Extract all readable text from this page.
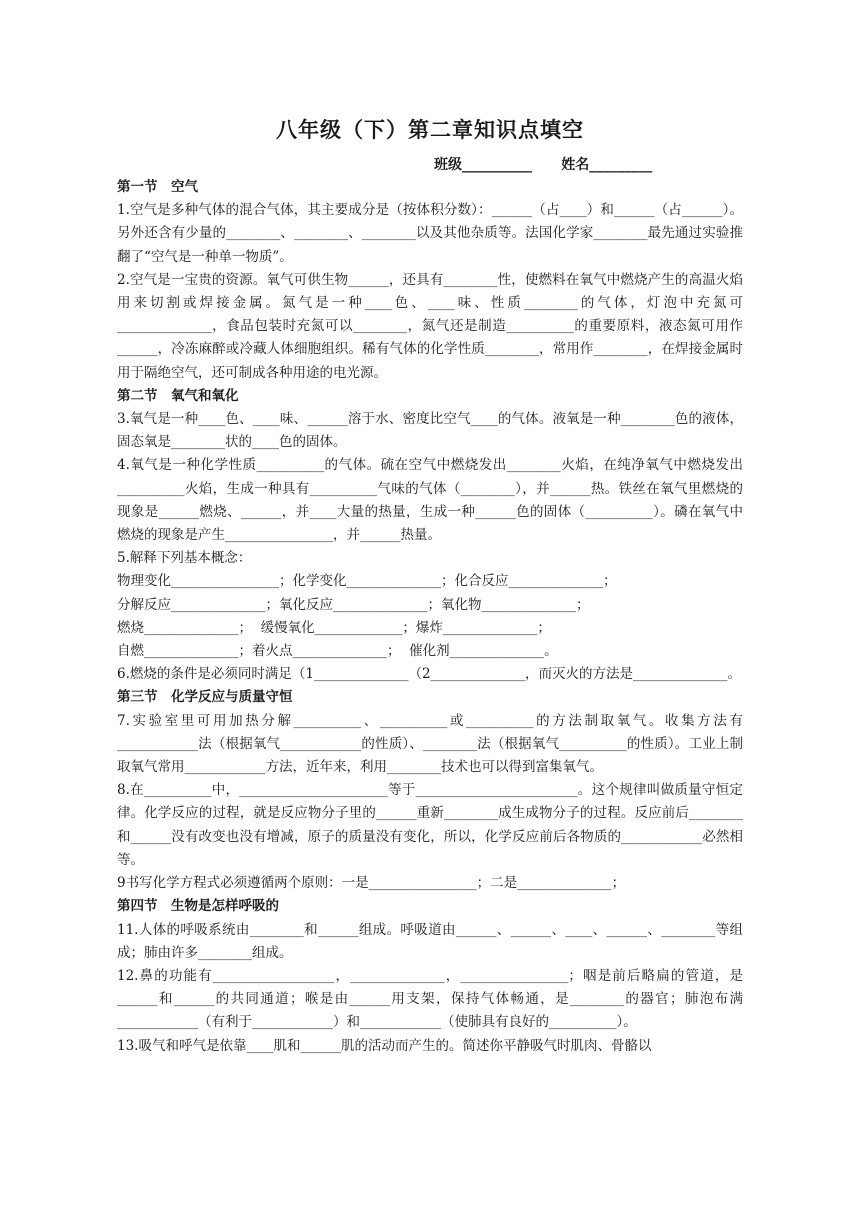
八年级（下）第二章知识点填空
班级__________      姓名_________

第一节　空气

1.空气是多种气体的混合气体，其主要成分是（按体积分数）：______（占____）和______（占______）。另外还含有少量的________、________、________以及其他杂质等。法国化学家________最先通过实验推翻了“空气是一种单一物质”。

2.空气是一宝贵的资源。氧气可供生物______，还具有________性，使燃料在氧气中燃烧产生的高温火焰用来切割或焊接金属。氮气是一种____色、____味、性质________的气体，灯泡中充氮可______________，食品包装时充氮可以________，氮气还是制造__________的重要原料，液态氮可用作______，冷冻麻醉或冷藏人体细胞组织。稀有气体的化学性质________，常用作________，在焊接金属时用于隔绝空气，还可制成各种用途的电光源。

第二节　氧气和氧化

3.氧气是一种____色、____味、______溶于水、密度比空气____的气体。液氧是一种________色的液体，固态氧是________状的____色的固体。

4.氧气是一种化学性质__________的气体。硫在空气中燃烧发出________火焰，在纯净氧气中燃烧发出__________火焰，生成一种具有__________气味的气体（________），并______热。铁丝在氧气里燃烧的现象是______燃烧、______，并____大量的热量，生成一种______色的固体（__________）。磷在氧气中燃烧的现象是产生________________，并______热量。

5.解释下列基本概念：

物理变化________________；化学变化______________；化合反应______________；

分解反应______________；氧化反应______________；氧化物______________；

燃烧______________；  缓慢氧化_____________；爆炸______________；

自燃______________；着火点______________；  催化剂______________。

6.燃烧的条件是必须同时满足（1______________（2______________，而灭火的方法是______________。

第三节　化学反应与质量守恒

7.实验室里可用加热分解__________、__________或__________的方法制取氧气。收集方法有____________法（根据氧气____________的性质）、________法（根据氧气__________的性质）。工业上制取氧气常用____________方法，近年来，利用________技术也可以得到富集氧气。

8.在__________中，______________________等于________________________。这个规律叫做质量守恒定律。化学反应的过程，就是反应物分子里的______重新________成生成物分子的过程。反应前后________和______没有改变也没有增减，原子的质量没有变化，所以，化学反应前后各物质的____________必然相等。

9书写化学方程式必须遵循两个原则：一是________________；二是______________；

第四节　生物是怎样呼吸的

11.人体的呼吸系统由________和______组成。呼吸道由______、______、____、______、________等组成；肺由许多________组成。

12.鼻的功能有__________________，______________，________________；咽是前后略扁的管道，是______和______的共同通道；喉是由______用支架，保持气体畅通，是________的器官；肺泡布满____________（有利于____________）和____________（使肺具有良好的__________）。

13.吸气和呼气是依靠____肌和______肌的活动而产生的。简述你平静吸气时肌肉、骨骼以
